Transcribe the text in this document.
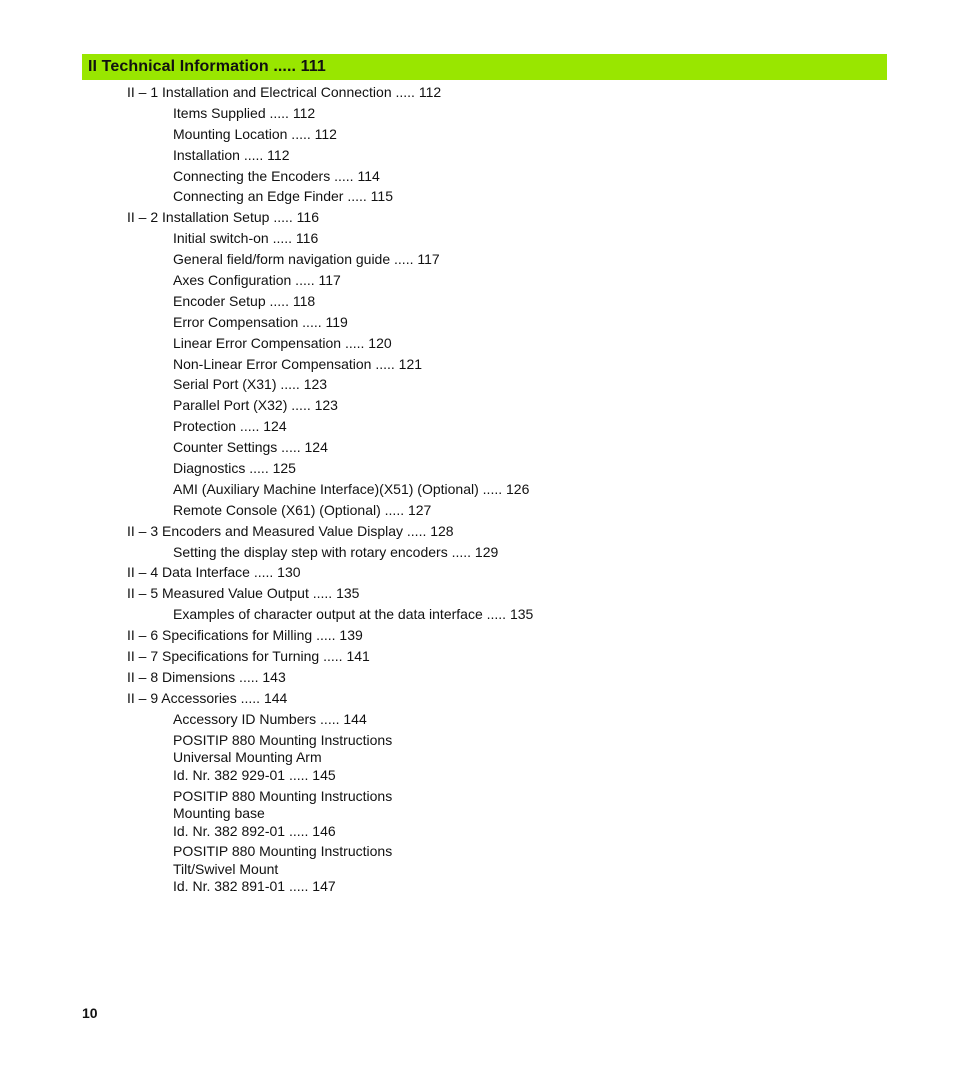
II Technical Information ..... 111
II – 1 Installation and Electrical Connection ..... 112
Items Supplied ..... 112
Mounting Location ..... 112
Installation ..... 112
Connecting the Encoders ..... 114
Connecting an Edge Finder ..... 115
II – 2 Installation Setup ..... 116
Initial switch-on ..... 116
General field/form navigation guide ..... 117
Axes Configuration ..... 117
Encoder Setup ..... 118
Error Compensation ..... 119
Linear Error Compensation ..... 120
Non-Linear Error Compensation ..... 121
Serial Port (X31) ..... 123
Parallel Port (X32) ..... 123
Protection ..... 124
Counter Settings ..... 124
Diagnostics ..... 125
AMI (Auxiliary Machine Interface)(X51) (Optional) ..... 126
Remote Console (X61) (Optional) ..... 127
II – 3 Encoders and Measured Value Display ..... 128
Setting the display step with rotary encoders ..... 129
II – 4 Data Interface ..... 130
II – 5 Measured Value Output ..... 135
Examples of character output at the data interface ..... 135
II – 6 Specifications for Milling ..... 139
II – 7 Specifications for Turning ..... 141
II – 8 Dimensions ..... 143
II – 9 Accessories ..... 144
Accessory ID Numbers ..... 144
POSITIP 880 Mounting Instructions
Universal Mounting Arm
Id. Nr. 382 929-01 ..... 145
POSITIP 880 Mounting Instructions
Mounting base
Id. Nr. 382 892-01 ..... 146
POSITIP 880 Mounting Instructions
Tilt/Swivel Mount
Id. Nr. 382 891-01 ..... 147
10
